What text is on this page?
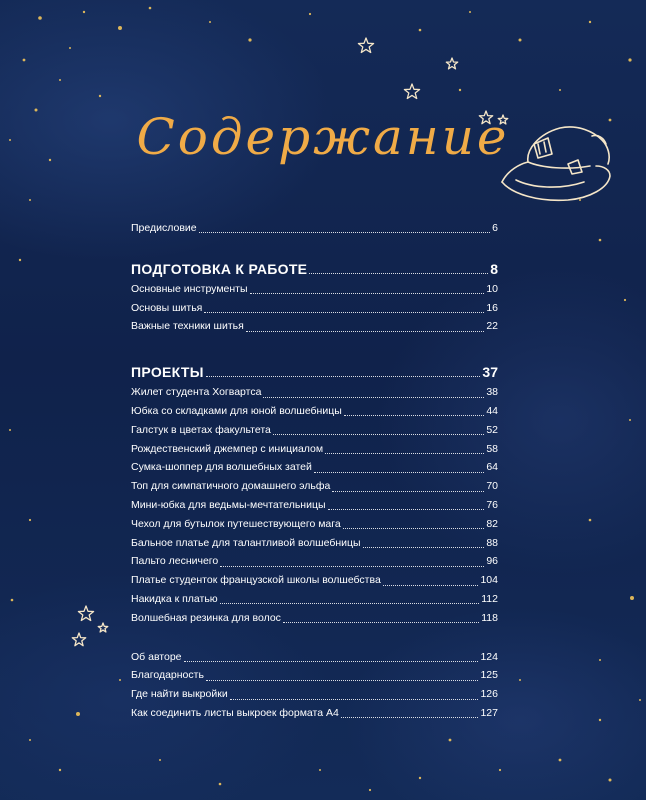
Содержание
Предисловие	6
ПОДГОТОВКА К РАБОТЕ	8
Основные инструменты	10
Основы шитья	16
Важные техники шитья	22
ПРОЕКТЫ	37
Жилет студента Хогвартса	38
Юбка со складками для юной волшебницы	44
Галстук в цветах факультета	52
Рождественский джемпер с инициалом	58
Сумка-шоппер для волшебных затей	64
Топ для симпатичного домашнего эльфа	70
Мини-юбка для ведьмы-мечтательницы	76
Чехол для бутылок путешествующего мага	82
Бальное платье для талантливой волшебницы	88
Пальто лесничего	96
Платье студенток французской школы волшебства	104
Накидка к платью	112
Волшебная резинка для волос	118
Об авторе	124
Благодарность	125
Где найти выкройки	126
Как соединить листы выкроек формата А4	127
